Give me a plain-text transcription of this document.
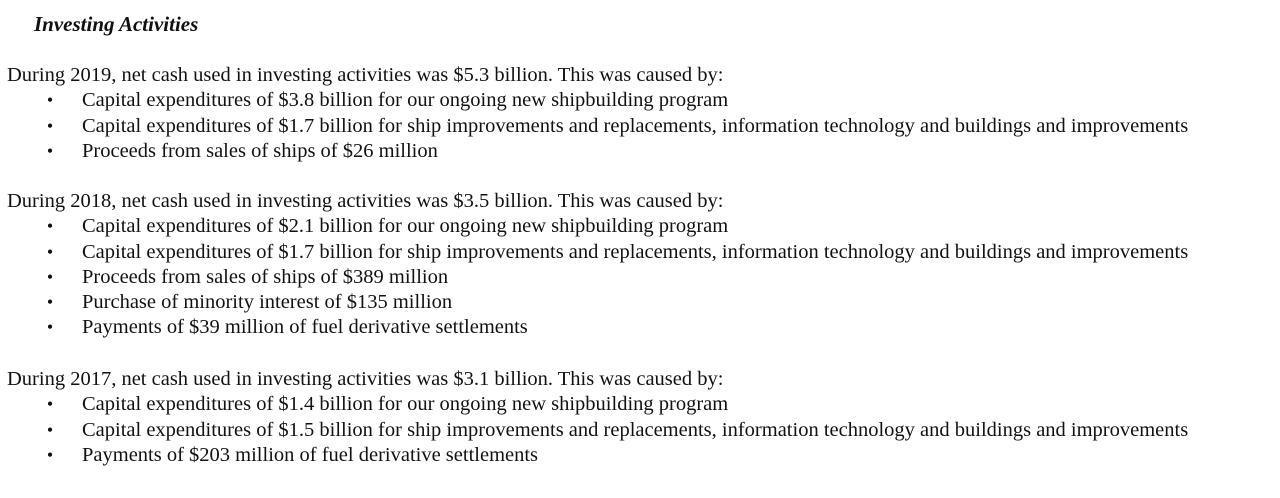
Investing Activities
During 2019, net cash used in investing activities was $5.3 billion. This was caused by:
• Capital expenditures of $3.8 billion for our ongoing new shipbuilding program
• Capital expenditures of $1.7 billion for ship improvements and replacements, information technology and buildings and improvements
• Proceeds from sales of ships of $26 million
During 2018, net cash used in investing activities was $3.5 billion. This was caused by:
• Capital expenditures of $2.1 billion for our ongoing new shipbuilding program
• Capital expenditures of $1.7 billion for ship improvements and replacements, information technology and buildings and improvements
• Proceeds from sales of ships of $389 million
• Purchase of minority interest of $135 million
• Payments of $39 million of fuel derivative settlements
During 2017, net cash used in investing activities was $3.1 billion. This was caused by:
• Capital expenditures of $1.4 billion for our ongoing new shipbuilding program
• Capital expenditures of $1.5 billion for ship improvements and replacements, information technology and buildings and improvements
• Payments of $203 million of fuel derivative settlements
